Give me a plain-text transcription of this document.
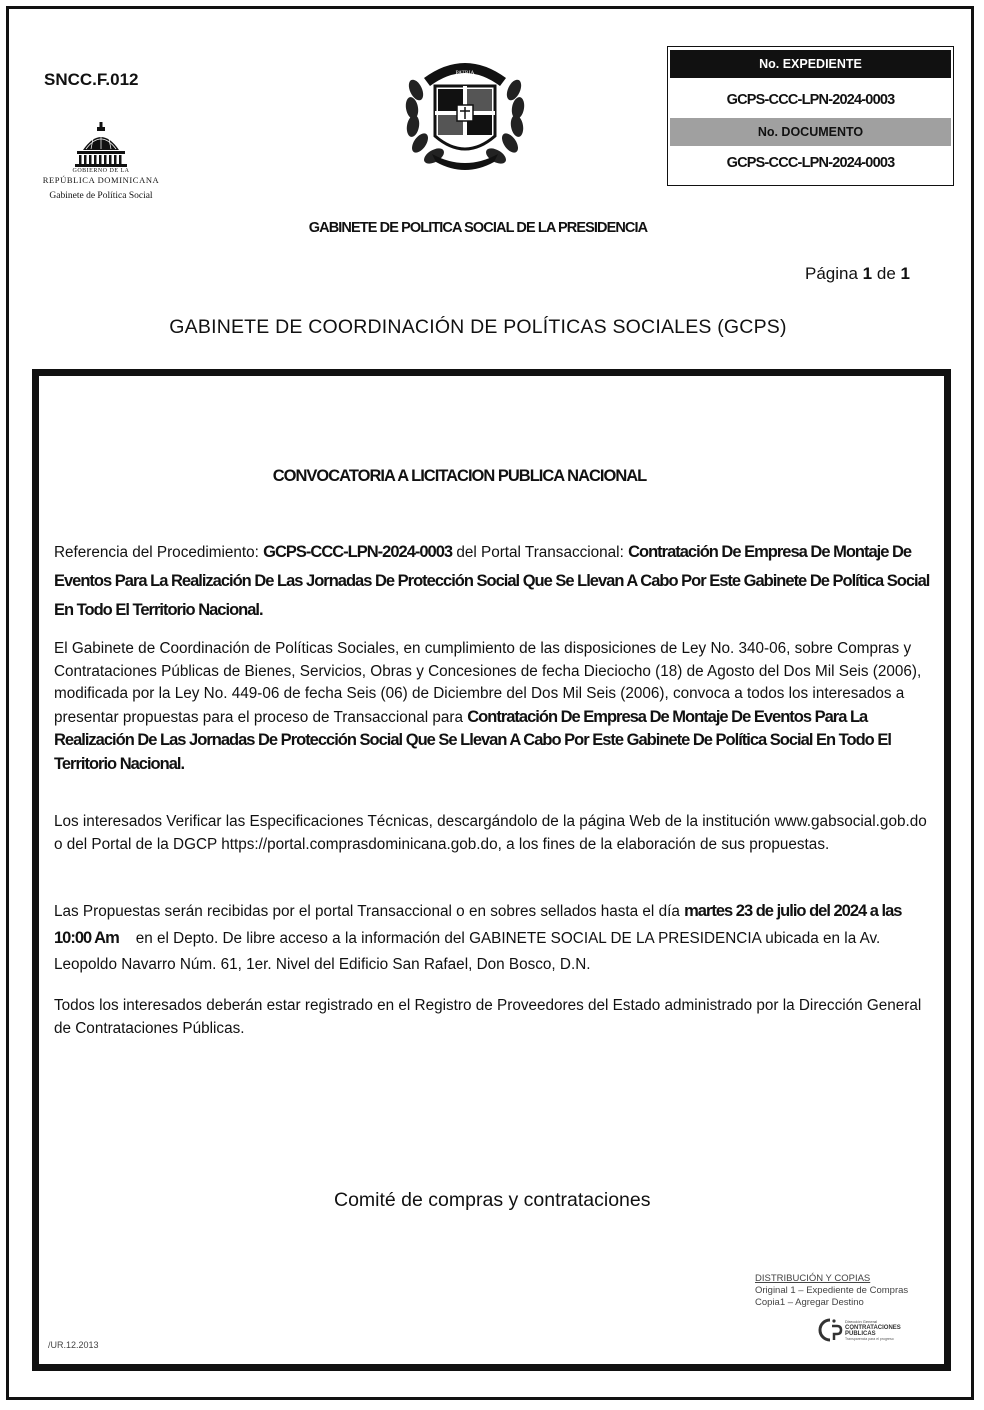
SNCC.F.012
GOBIERNO DE LA
REPÚBLICA DOMINICANA
Gabinete de Política Social
PATRIA
No. EXPEDIENTE
GCPS-CCC-LPN-2024-0003
No. DOCUMENTO
GCPS-CCC-LPN-2024-0003
GABINETE DE POLITICA SOCIAL DE LA PRESIDENCIA
Página 1 de 1
GABINETE DE COORDINACIÓN DE POLÍTICAS SOCIALES (GCPS)
CONVOCATORIA A LICITACION PUBLICA NACIONAL

Referencia del Procedimiento: GCPS-CCC-LPN-2024-0003 del Portal Transaccional: Contratación De Empresa De Montaje De Eventos Para La Realización De Las Jornadas De Protección Social Que Se Llevan A Cabo Por Este Gabinete De Política Social En Todo El Territorio Nacional.

El Gabinete de Coordinación de Políticas Sociales, en cumplimiento de las disposiciones de Ley No. 340-06, sobre Compras y Contrataciones Públicas de Bienes, Servicios, Obras y Concesiones de fecha Dieciocho (18) de Agosto del Dos Mil Seis (2006), modificada por la Ley No. 449-06 de fecha Seis (06) de Diciembre del Dos Mil Seis (2006), convoca a todos los interesados a presentar propuestas para el proceso de Transaccional para Contratación De Empresa De Montaje De Eventos Para La Realización De Las Jornadas De Protección Social Que Se Llevan A Cabo Por Este Gabinete De Política Social En Todo El Territorio Nacional.

Los interesados Verificar las Especificaciones Técnicas, descargándolo de la página Web de la institución www.gabsocial.gob.do o del Portal de la DGCP https://portal.comprasdominicana.gob.do, a los fines de la elaboración de sus propuestas.

Las Propuestas serán recibidas por el portal Transaccional o en sobres sellados hasta el día martes 23 de julio del 2024 a las 10:00 Am en el Depto. De libre acceso a la información del GABINETE SOCIAL DE LA PRESIDENCIA ubicada en la Av. Leopoldo Navarro Núm. 61, 1er. Nivel del Edificio San Rafael, Don Bosco, D.N.

Todos los interesados deberán estar registrado en el Registro de Proveedores del Estado administrado por la Dirección General de Contrataciones Públicas.

Comité de compras y contrataciones
DISTRIBUCIÓN Y COPIAS
Original 1 – Expediente de Compras
Copia1 – Agregar Destino
Dirección General
CONTRATACIONES
PÚBLICAS
Transparencia para el progreso
/UR.12.2013
